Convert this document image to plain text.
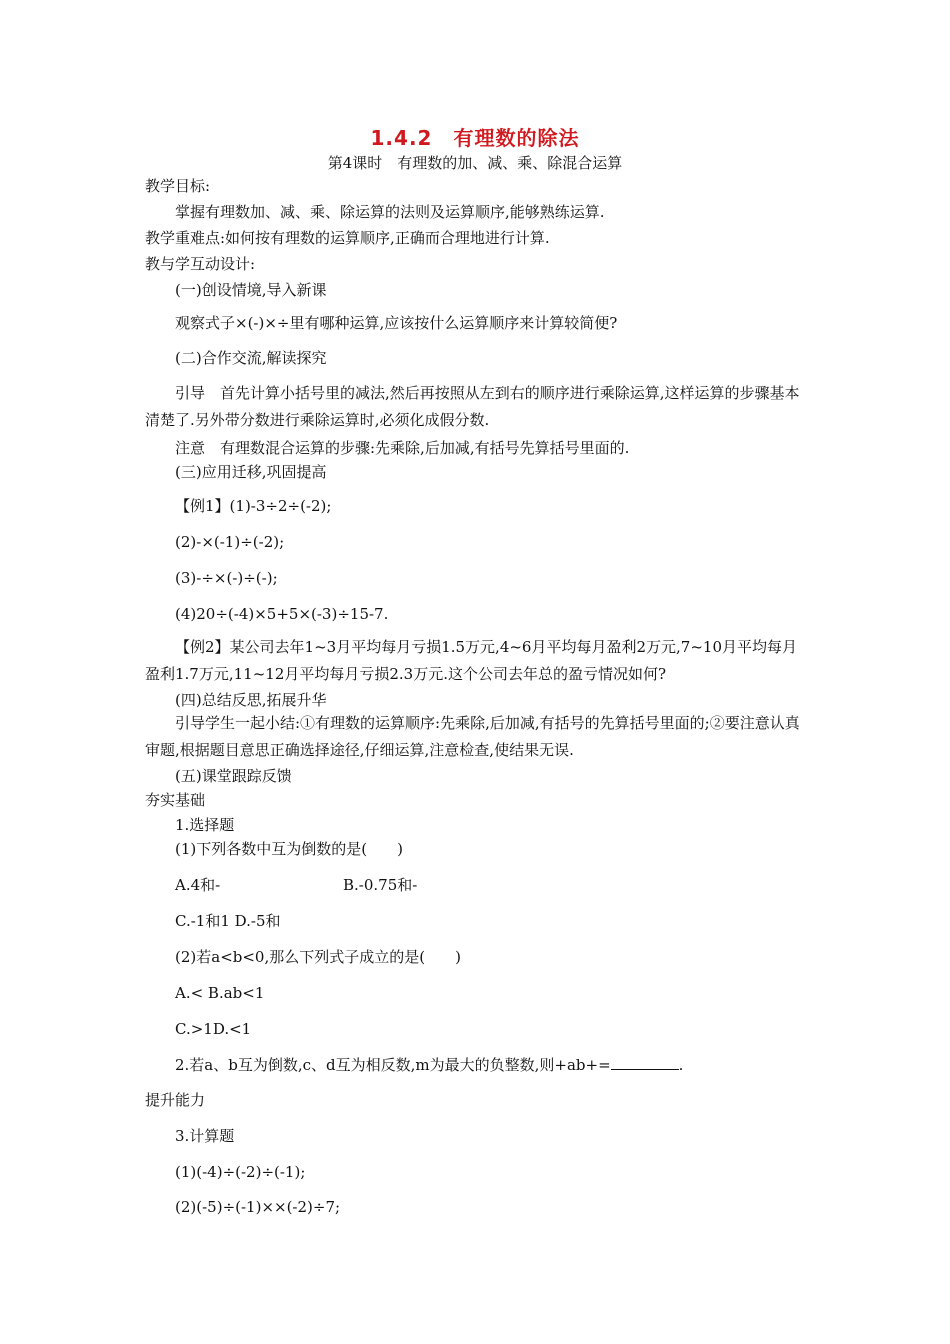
1.4.2　有理数的除法
第4课时　有理数的加、减、乘、除混合运算
教学目标:
掌握有理数加、减、乘、除运算的法则及运算顺序,能够熟练运算.
教学重难点:如何按有理数的运算顺序,正确而合理地进行计算.
教与学互动设计:
(一)创设情境,导入新课
观察式子×(-)×÷里有哪种运算,应该按什么运算顺序来计算较简便?
(二)合作交流,解读探究
引导　首先计算小括号里的减法,然后再按照从左到右的顺序进行乘除运算,这样运算的步骤基本清楚了.另外带分数进行乘除运算时,必须化成假分数.
注意　有理数混合运算的步骤:先乘除,后加减,有括号先算括号里面的.
(三)应用迁移,巩固提高
【例1】(1)-3÷2÷(-2);
(2)-×(-1)÷(-2);
(3)-÷×(-)÷(-);
(4)20÷(-4)×5+5×(-3)÷15-7.
【例2】某公司去年1~3月平均每月亏损1.5万元,4~6月平均每月盈利2万元,7~10月平均每月盈利1.7万元,11~12月平均每月亏损2.3万元.这个公司去年总的盈亏情况如何?
(四)总结反思,拓展升华
引导学生一起小结:①有理数的运算顺序:先乘除,后加减,有括号的先算括号里面的;②要注意认真审题,根据题目意思正确选择途径,仔细运算,注意检查,使结果无误.
(五)课堂跟踪反馈
夯实基础
1.选择题
(1)下列各数中互为倒数的是(　　)
A.4和-	B.-0.75和-
C.-1和1 D.-5和
(2)若a<b<0,那么下列式子成立的是(　　)
A.< B.ab<1
C.>1D.<1
2.若a、b互为倒数,c、d互为相反数,m为最大的负整数,则+ab+=	.
提升能力
3.计算题
(1)(-4)÷(-2)÷(-1);
(2)(-5)÷(-1)××(-2)÷7;
